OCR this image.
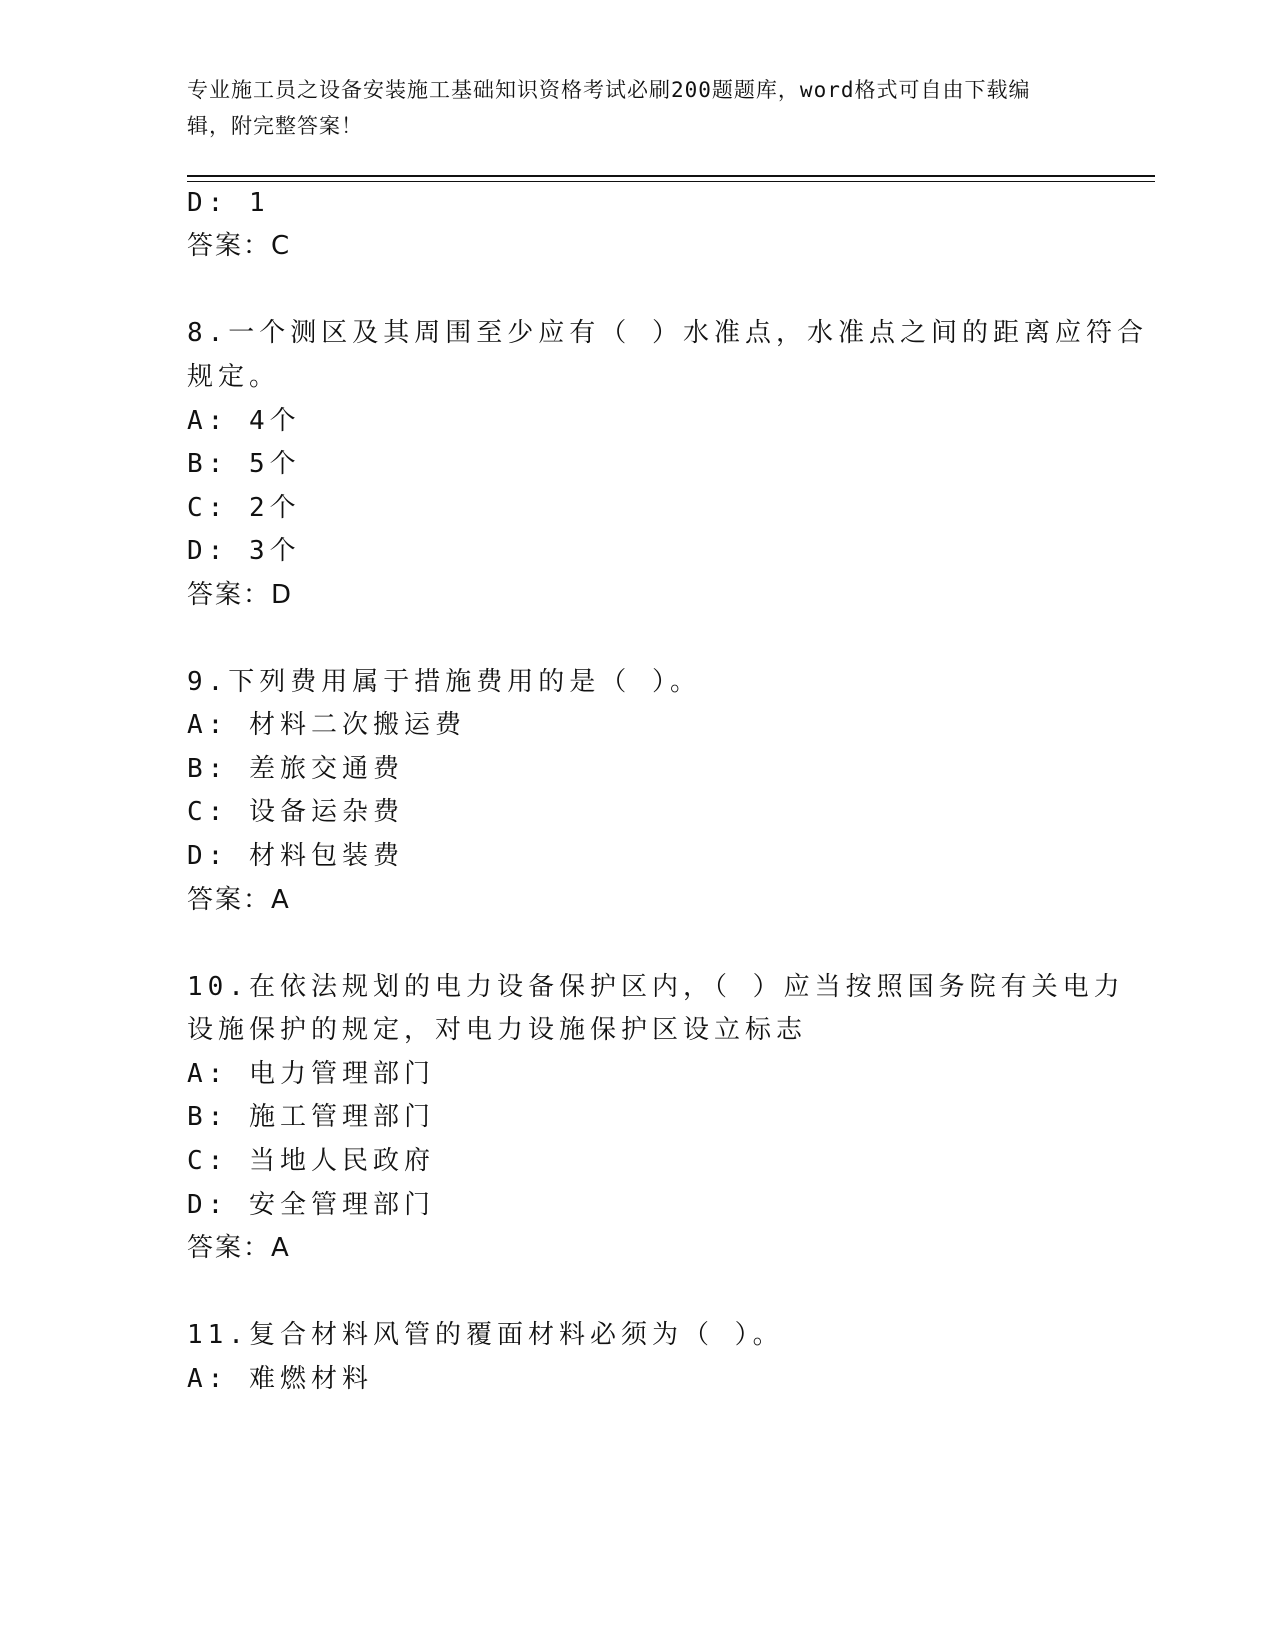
专业施工员之设备安装施工基础知识资格考试必刷200题题库，word格式可自由下载编辑，附完整答案！
D: 1
答案：C
8.一个测区及其周围至少应有（ ）水准点，水准点之间的距离应符合
规定。
A: 4个
B: 5个
C: 2个
D: 3个
答案：D
9.下列费用属于措施费用的是（ ）。
A: 材料二次搬运费
B: 差旅交通费
C: 设备运杂费
D: 材料包装费
答案：A
10.在依法规划的电力设备保护区内，（ ）应当按照国务院有关电力
设施保护的规定，对电力设施保护区设立标志
A: 电力管理部门
B: 施工管理部门
C: 当地人民政府
D: 安全管理部门
答案：A
11.复合材料风管的覆面材料必须为（ ）。
A: 难燃材料
